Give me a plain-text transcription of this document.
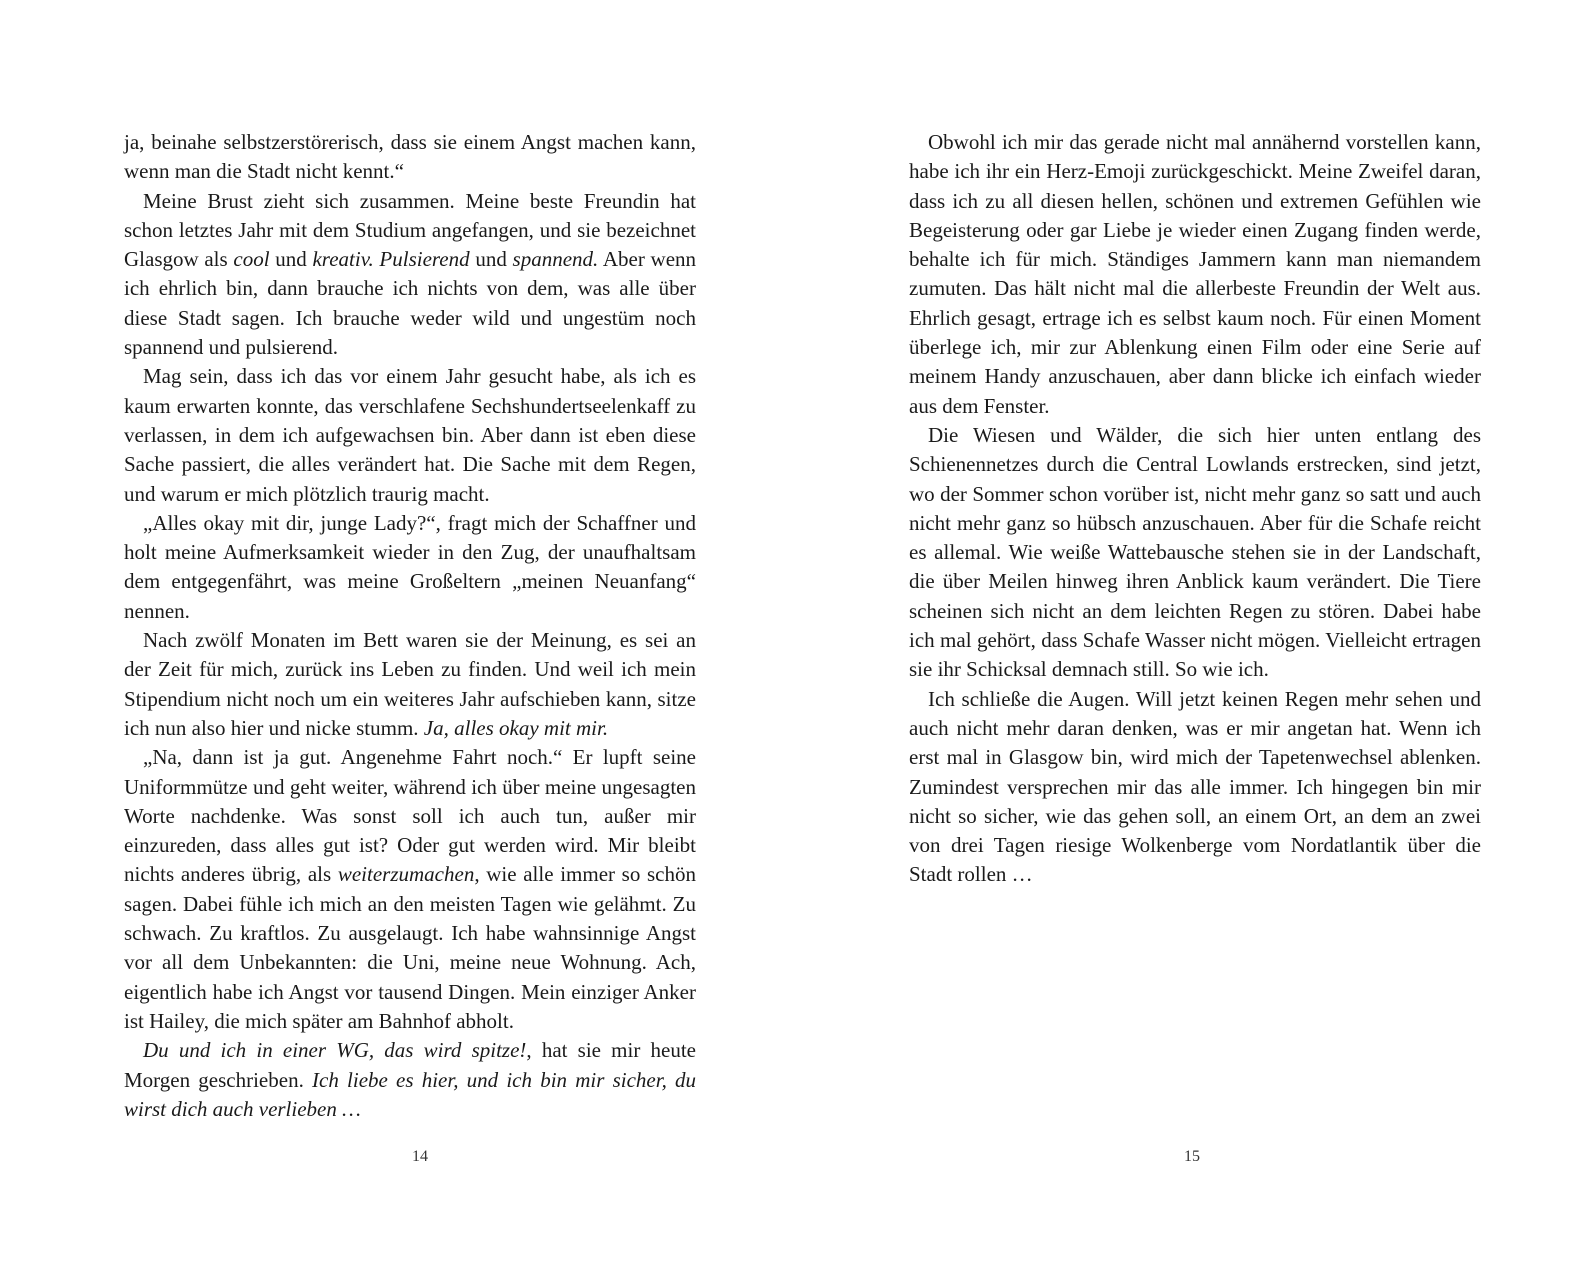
ja, beinahe selbstzerstörerisch, dass sie einem Angst machen kann, wenn man die Stadt nicht kennt.“

Meine Brust zieht sich zusammen. Meine beste Freundin hat schon letztes Jahr mit dem Studium angefangen, und sie bezeichnet Glasgow als cool und kreativ. Pulsierend und spannend. Aber wenn ich ehrlich bin, dann brauche ich nichts von dem, was alle über diese Stadt sagen. Ich brauche weder wild und ungestüm noch spannend und pulsierend.

Mag sein, dass ich das vor einem Jahr gesucht habe, als ich es kaum erwarten konnte, das verschlafene Sechshundertseelenkaff zu verlassen, in dem ich aufgewachsen bin. Aber dann ist eben diese Sache passiert, die alles verändert hat. Die Sache mit dem Regen, und warum er mich plötzlich traurig macht.

„Alles okay mit dir, junge Lady?“, fragt mich der Schaffner und holt meine Aufmerksamkeit wieder in den Zug, der unaufhaltsam dem entgegenfährt, was meine Großeltern „meinen Neuanfang“ nennen.

Nach zwölf Monaten im Bett waren sie der Meinung, es sei an der Zeit für mich, zurück ins Leben zu finden. Und weil ich mein Stipendium nicht noch um ein weiteres Jahr aufschieben kann, sitze ich nun also hier und nicke stumm. Ja, alles okay mit mir.

„Na, dann ist ja gut. Angenehme Fahrt noch.“ Er lupft seine Uniformmütze und geht weiter, während ich über meine ungesagten Worte nachdenke. Was sonst soll ich auch tun, außer mir einzureden, dass alles gut ist? Oder gut werden wird. Mir bleibt nichts anderes übrig, als weiterzumachen, wie alle immer so schön sagen. Dabei fühle ich mich an den meisten Tagen wie gelähmt. Zu schwach. Zu kraftlos. Zu ausgelaugt. Ich habe wahnsinnige Angst vor all dem Unbekannten: die Uni, meine neue Wohnung. Ach, eigentlich habe ich Angst vor tausend Dingen. Mein einziger Anker ist Hailey, die mich später am Bahnhof abholt.

Du und ich in einer WG, das wird spitze!, hat sie mir heute Morgen geschrieben. Ich liebe es hier, und ich bin mir sicher, du wirst dich auch verlieben …

14

Obwohl ich mir das gerade nicht mal annähernd vorstellen kann, habe ich ihr ein Herz-Emoji zurückgeschickt. Meine Zweifel daran, dass ich zu all diesen hellen, schönen und extremen Gefühlen wie Begeisterung oder gar Liebe je wieder einen Zugang finden werde, behalte ich für mich. Ständiges Jammern kann man niemandem zumuten. Das hält nicht mal die allerbeste Freundin der Welt aus. Ehrlich gesagt, ertrage ich es selbst kaum noch. Für einen Moment überlege ich, mir zur Ablenkung einen Film oder eine Serie auf meinem Handy anzuschauen, aber dann blicke ich einfach wieder aus dem Fenster.

Die Wiesen und Wälder, die sich hier unten entlang des Schienennetzes durch die Central Lowlands erstrecken, sind jetzt, wo der Sommer schon vorüber ist, nicht mehr ganz so satt und auch nicht mehr ganz so hübsch anzuschauen. Aber für die Schafe reicht es allemal. Wie weiße Wattebausche stehen sie in der Landschaft, die über Meilen hinweg ihren Anblick kaum verändert. Die Tiere scheinen sich nicht an dem leichten Regen zu stören. Dabei habe ich mal gehört, dass Schafe Wasser nicht mögen. Vielleicht ertragen sie ihr Schicksal demnach still. So wie ich.

Ich schließe die Augen. Will jetzt keinen Regen mehr sehen und auch nicht mehr daran denken, was er mir angetan hat. Wenn ich erst mal in Glasgow bin, wird mich der Tapetenwechsel ablenken. Zumindest versprechen mir das alle immer. Ich hingegen bin mir nicht so sicher, wie das gehen soll, an einem Ort, an dem an zwei von drei Tagen riesige Wolkenberge vom Nordatlantik über die Stadt rollen …

15
